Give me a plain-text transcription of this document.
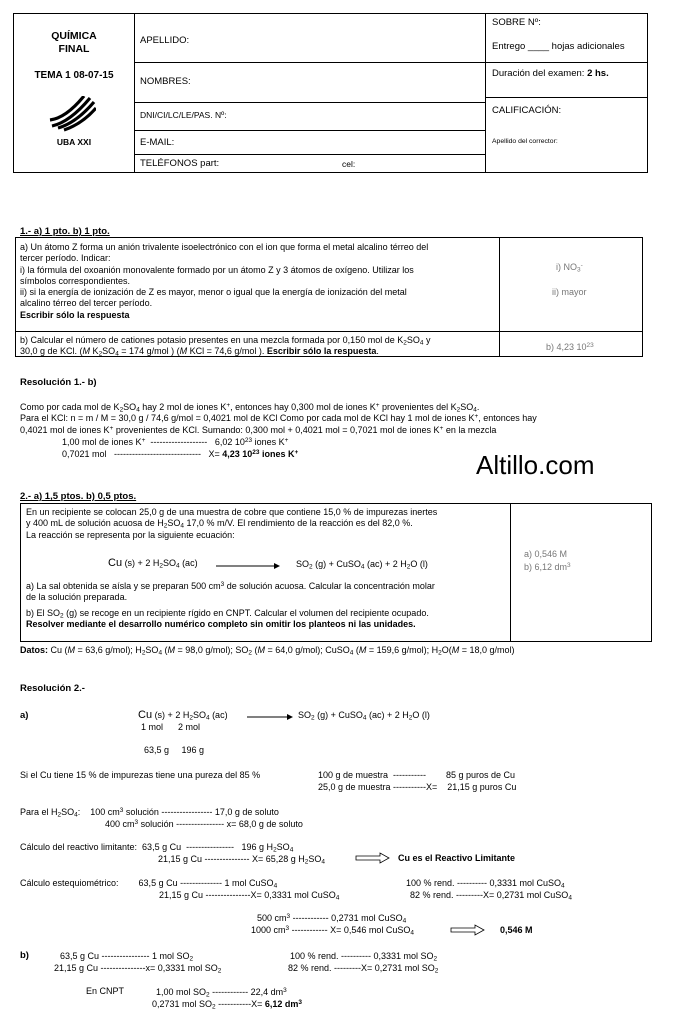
QUÍMICA
FINAL
TEMA 1 08-07-15
UBA XXI
APELLIDO:
NOMBRES:
DNI/CI/LC/LE/PAS. Nº:
E-MAIL:
TELÉFONOS part:	cel:
SOBRE Nº:
Entrego ____ hojas adicionales
Duración del examen: 2 hs.
CALIFICACIÓN:
Apellido del corrector:
1.- a) 1 pto. b) 1 pto.
a) Un átomo Z forma un anión trivalente isoelectrónico con el ion que forma el metal alcalino térreo del
tercer período. Indicar:
i) la fórmula del oxoanión monovalente formado por un átomo Z y 3 átomos de oxígeno. Utilizar los
símbolos correspondientes.
ii) si la energía de ionización de Z es mayor, menor o igual que la energía de ionización del metal
alcalino térreo del tercer período.
Escribir sólo la respuesta
i) $NO_3^-$
ii) mayor
b) Calcular el número de cationes potasio presentes en una mezcla formada por 0,150 mol de $K_2SO_4$ y
30,0 g de KCl. (M $K_2SO_4 = 174$ g/mol ) (M KCl = 74,6 g/mol ). Escribir sólo la respuesta.	b) 4,23 $10^{23}$
Resolución 1.- b)
Como por cada mol de $K_2SO_4$ hay 2 mol de iones K+, entonces hay 0,300 mol de iones K+ provenientes del $K_2SO_4$.
Para el KCl: n = m / M = 30,0 g / 74,6 g/mol = 0,4021 mol de KCl Como por cada mol de KCl hay 1 mol de iones K+, entonces hay
0,4021 mol de iones K+ provenientes de KCl. Sumando: 0,300 mol + 0,4021 mol = 0,7021 mol de iones K+ en la mezcla
1,00 mol de iones K+ ------------------- 6,02 $10^{23}$ iones K+
0,7021 mol ----------------------------- X= 4,23 $10^{23}$ iones K+	Altillo.com
2.- a) 1,5 ptos. b) 0,5 ptos.
En un recipiente se colocan 25,0 g de una muestra de cobre que contiene 15,0 % de impurezas inertes
y 400 mL de solución acuosa de $H_2SO_4$ 17,0 % m/V. El rendimiento de la reacción es del 82,0 %.
La reacción se representa por la siguiente ecuación:
Cu (s) + 2 $H_2SO_4$ (ac)	$SO_2$ (g) + CuSO$_4$ (ac) + 2 $H_2O$ (l)
a) La sal obtenida se aísla y se preparan 500 $cm^3$ de solución acuosa. Calcular la concentración molar
de la solución preparada.
b) El $SO_2$ (g) se recoge en un recipiente rígido en CNPT. Calcular el volumen del recipiente ocupado.
Resolver mediante el desarrollo numérico completo sin omitir los planteos ni las unidades.
a) 0,546 M
b) 6,12 $dm^3$
Datos: Cu (M = 63,6 g/mol); $H_2SO_4$ (M = 98,0 g/mol); $SO_2$ (M = 64,0 g/mol); CuSO$_4$ (M = 159,6 g/mol); $H_2O(M = 18,0$ g/mol)
Resolución 2.-
a)	Cu (s) + 2 $H_2SO_4$ (ac)	$SO_2$ (g) + CuSO$_4$ (ac) + 2 $H_2O$ (l)
1 mol      2 mol
63,5 g     196 g
Si el Cu tiene 15 % de impurezas tiene una pureza del 85 %	100 g de muestra  -----------        85 g puros de Cu
25,0 g de muestra -----------X=    21,15 g puros Cu
Para el $H_2SO_4$:    100 $cm^3$ solución ----------------- 17,0 g de soluto
400 $cm^3$ solución ---------------- x= 68,0 g de soluto
Cálculo del reactivo limitante:  63,5 g Cu  ----------------   196 g $H_2SO_4$
21,15 g Cu --------------- X= 65,28 g $H_2SO_4$	Cu es el Reactivo Limitante
Cálculo estequiométrico:        63,5 g Cu -------------- 1 mol CuSO$_4$
21,15 g Cu ---------------X= 0,3331 mol CuSO$_4$
100 % rend. ---------- 0,3331 mol CuSO$_4$
82 % rend. ---------X= 0,2731 mol CuSO$_4$
500 $cm^3$ ------------ 0,2731 mol CuSO$_4$
1000 $cm^3$ ------------ X= 0,546 mol CuSO$_4$	0,546 M
b)	63,5 g Cu ---------------- 1 mol $SO_2$
21,15 g Cu ---------------x= 0,3331 mol $SO_2$
100 % rend. ---------- 0,3331 mol $SO_2$
82 % rend. ---------X= 0,2731 mol $SO_2$
En CNPT	1,00 mol $SO_2$ ------------ 22,4 $dm^3$
0,2731 mol $SO_2$ -----------X= 6,12 $dm^3$
